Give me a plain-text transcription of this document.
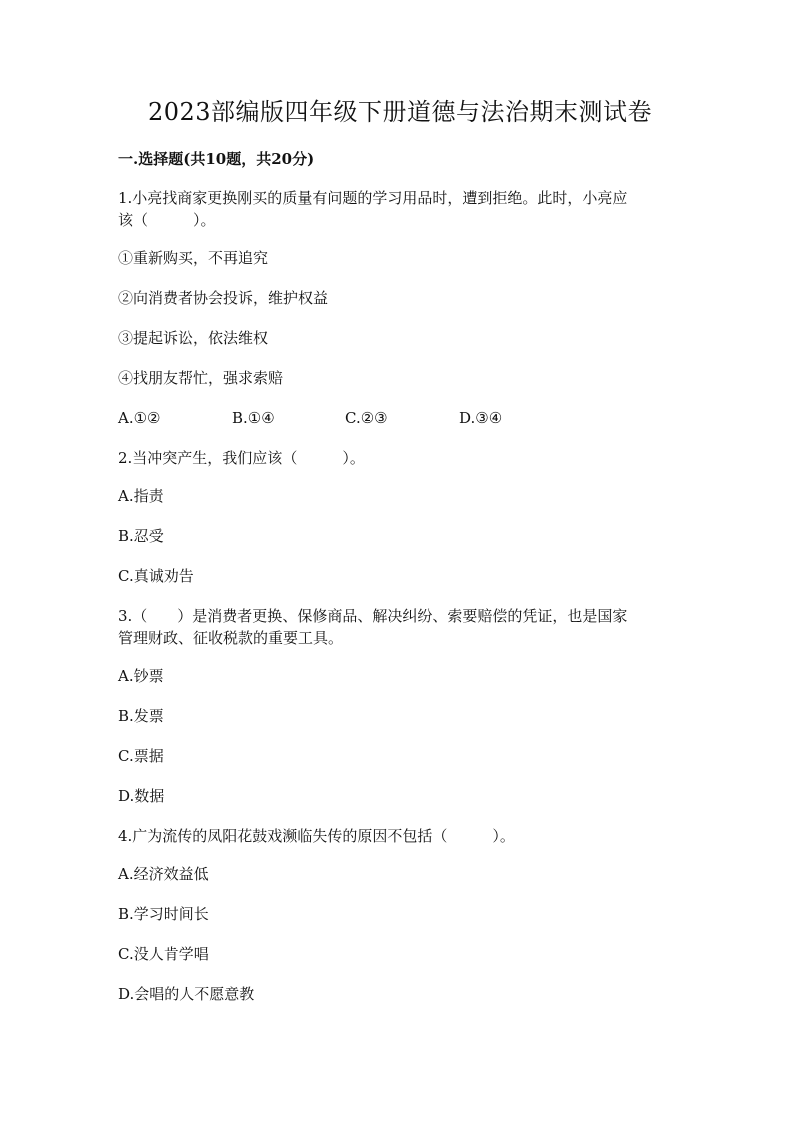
2023部编版四年级下册道德与法治期末测试卷

一.选择题(共10题，共20分)

1.小亮找商家更换刚买的质量有问题的学习用品时，遭到拒绝。此时，小亮应

该（　　　）。

①重新购买，不再追究

②向消费者协会投诉，维护权益

③提起诉讼，依法维权

④找朋友帮忙，强求索赔

A.①②	B.①④	C.②③	D.③④

2.当冲突产生，我们应该（　　　）。

A.指责

B.忍受

C.真诚劝告

3.（　　）是消费者更换、保修商品、解决纠纷、索要赔偿的凭证，也是国家

管理财政、征收税款的重要工具。

A.钞票

B.发票

C.票据

D.数据

4.广为流传的凤阳花鼓戏濒临失传的原因不包括（　　　）。

A.经济效益低

B.学习时间长

C.没人肯学唱

D.会唱的人不愿意教
